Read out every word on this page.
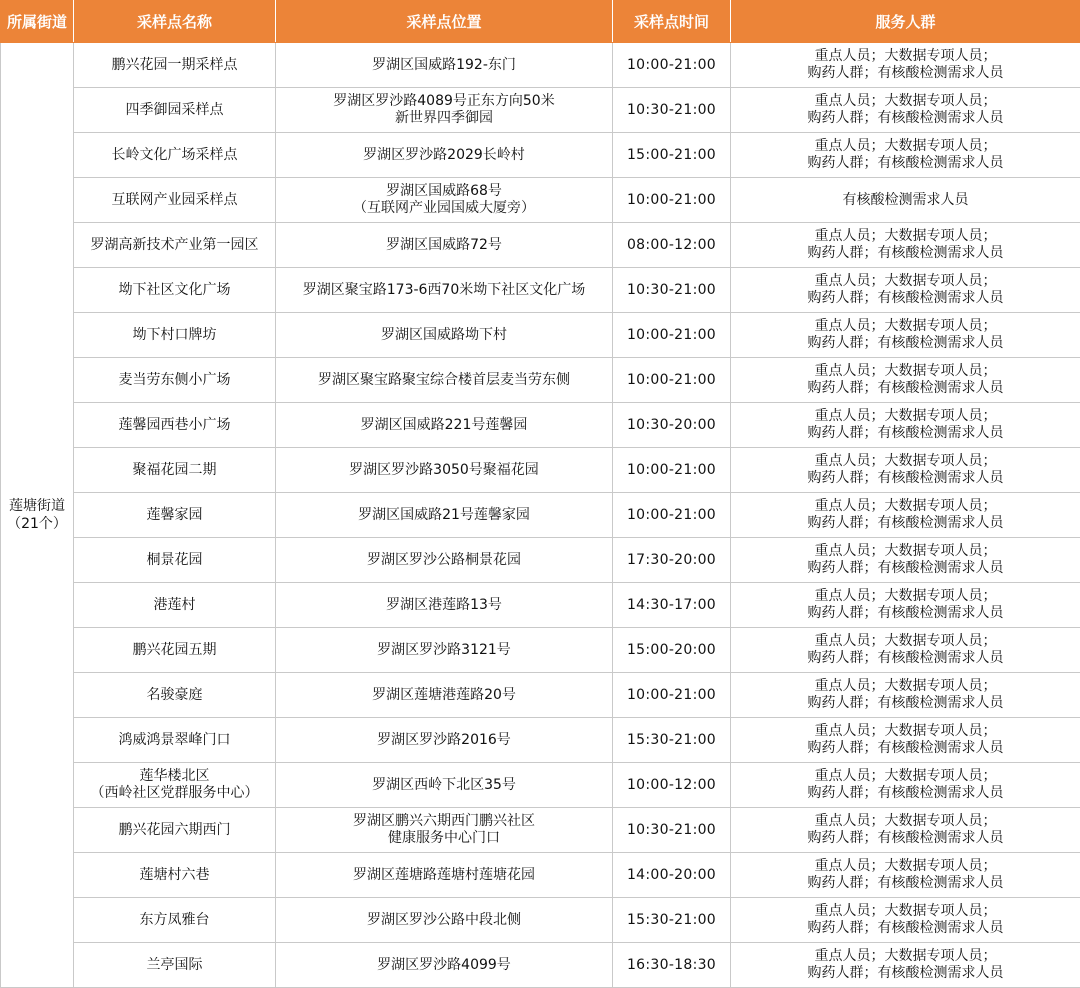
所属街道	采样点名称	采样点位置	采样点时间	服务人群

莲塘街道
（21个）	鹏兴花园一期采样点	罗湖区国威路192-东门	10:00-21:00	重点人员；大数据专项人员；
购药人群；有核酸检测需求人员

	四季御园采样点	罗湖区罗沙路4089号正东方向50米
新世界四季御园	10:30-21:00	重点人员；大数据专项人员；
购药人群；有核酸检测需求人员

	长岭文化广场采样点	罗湖区罗沙路2029长岭村	15:00-21:00	重点人员；大数据专项人员；
购药人群；有核酸检测需求人员

	互联网产业园采样点	罗湖区国威路68号
（互联网产业园国威大厦旁）	10:00-21:00	有核酸检测需求人员

	罗湖高新技术产业第一园区	罗湖区国威路72号	08:00-12:00	重点人员；大数据专项人员；
购药人群；有核酸检测需求人员

	坳下社区文化广场	罗湖区聚宝路173-6西70米坳下社区文化广场	10:30-21:00	重点人员；大数据专项人员；
购药人群；有核酸检测需求人员

	坳下村口牌坊	罗湖区国威路坳下村	10:00-21:00	重点人员；大数据专项人员；
购药人群；有核酸检测需求人员

	麦当劳东侧小广场	罗湖区聚宝路聚宝综合楼首层麦当劳东侧	10:00-21:00	重点人员；大数据专项人员；
购药人群；有核酸检测需求人员

	莲馨园西巷小广场	罗湖区国威路221号莲馨园	10:30-20:00	重点人员；大数据专项人员；
购药人群；有核酸检测需求人员

	聚福花园二期	罗湖区罗沙路3050号聚福花园	10:00-21:00	重点人员；大数据专项人员；
购药人群；有核酸检测需求人员

	莲馨家园	罗湖区国威路21号莲馨家园	10:00-21:00	重点人员；大数据专项人员；
购药人群；有核酸检测需求人员

	桐景花园	罗湖区罗沙公路桐景花园	17:30-20:00	重点人员；大数据专项人员；
购药人群；有核酸检测需求人员

	港莲村	罗湖区港莲路13号	14:30-17:00	重点人员；大数据专项人员；
购药人群；有核酸检测需求人员

	鹏兴花园五期	罗湖区罗沙路3121号	15:00-20:00	重点人员；大数据专项人员；
购药人群；有核酸检测需求人员

	名骏豪庭	罗湖区莲塘港莲路20号	10:00-21:00	重点人员；大数据专项人员；
购药人群；有核酸检测需求人员

	鸿威鸿景翠峰门口	罗湖区罗沙路2016号	15:30-21:00	重点人员；大数据专项人员；
购药人群；有核酸检测需求人员

	莲华楼北区
（西岭社区党群服务中心）	罗湖区西岭下北区35号	10:00-12:00	重点人员；大数据专项人员；
购药人群；有核酸检测需求人员

	鹏兴花园六期西门	罗湖区鹏兴六期西门鹏兴社区
健康服务中心门口	10:30-21:00	重点人员；大数据专项人员；
购药人群；有核酸检测需求人员

	莲塘村六巷	罗湖区莲塘路莲塘村莲塘花园	14:00-20:00	重点人员；大数据专项人员；
购药人群；有核酸检测需求人员

	东方凤雅台	罗湖区罗沙公路中段北侧	15:30-21:00	重点人员；大数据专项人员；
购药人群；有核酸检测需求人员

	兰亭国际	罗湖区罗沙路4099号	16:30-18:30	重点人员；大数据专项人员；
购药人群；有核酸检测需求人员
